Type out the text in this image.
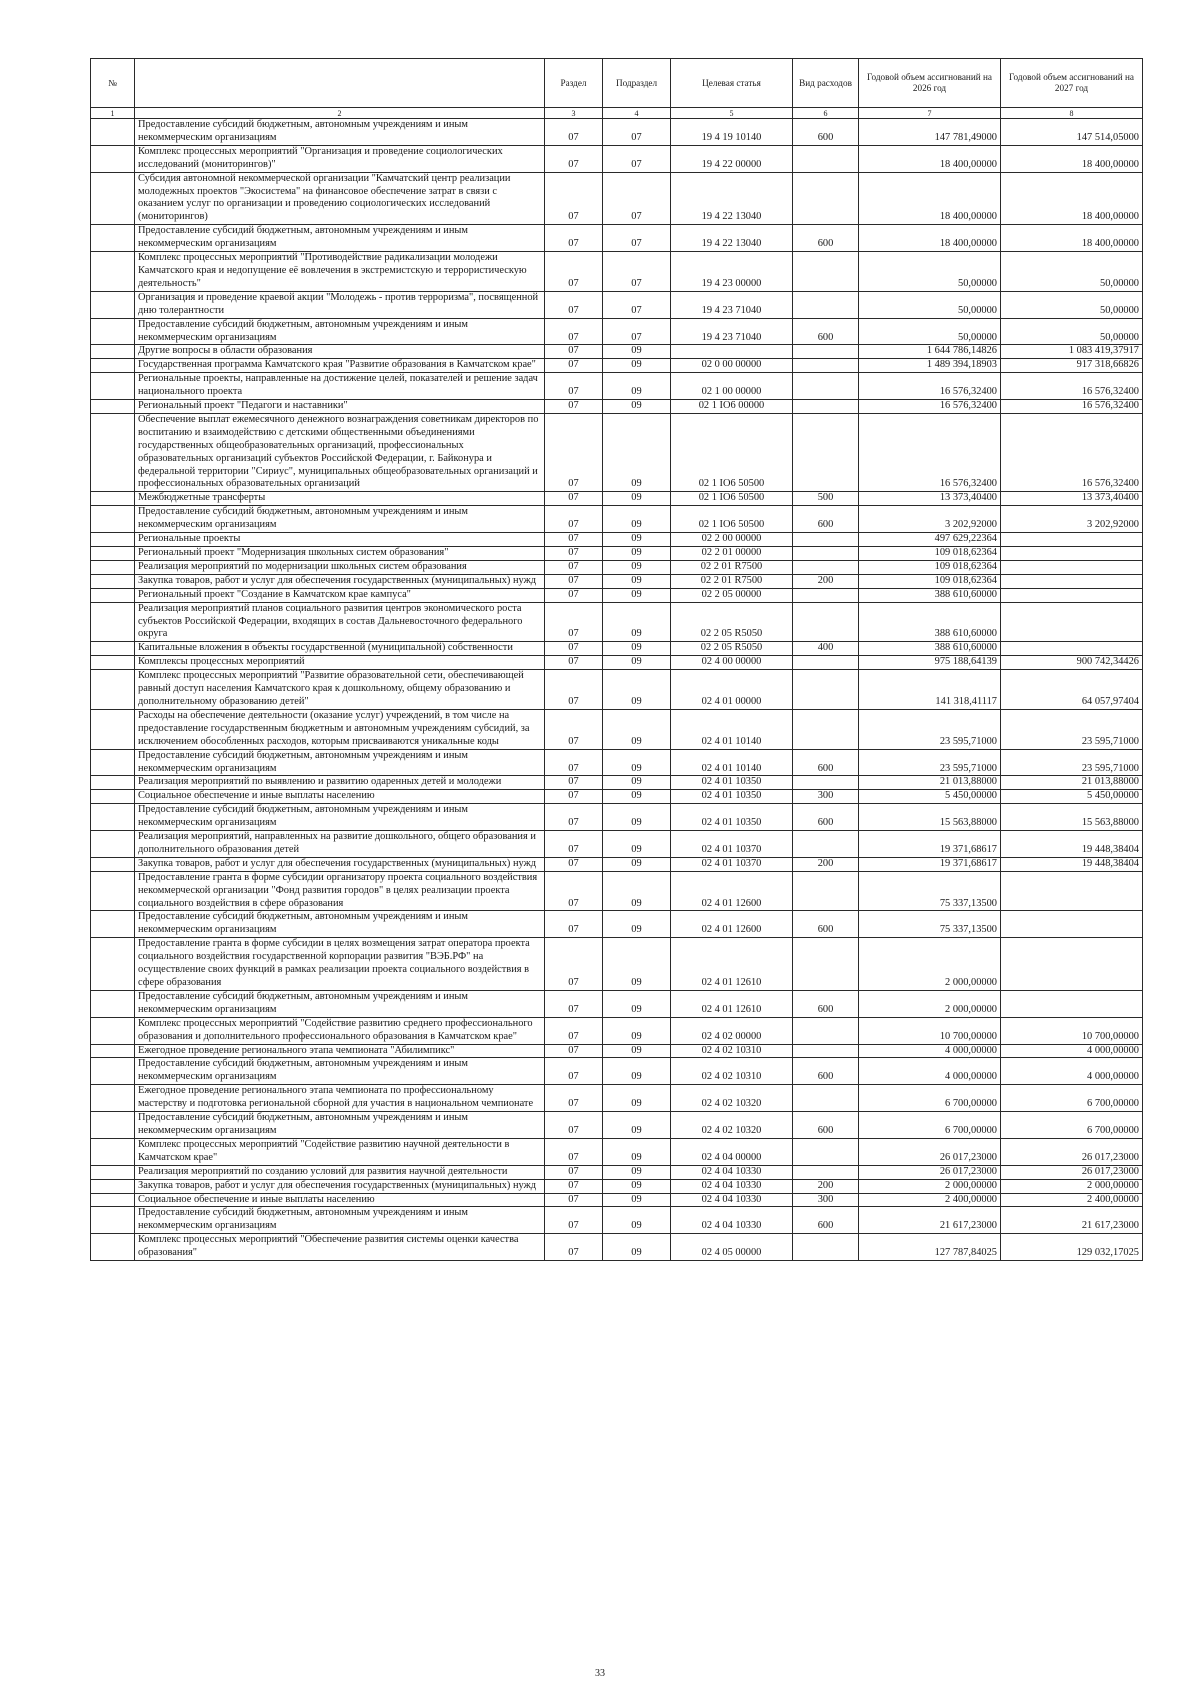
№		Раздел	Подраздел	Целевая статья	Вид расходов	Годовой объем ассигнований на 2026 год	Годовой объем ассигнований на 2027 год
1	2	3	4	5	6	7	8
	Предоставление субсидий бюджетным, автономным учреждениям и иным некоммерческим организациям	07	07	19 4 19 10140	600	147 781,49000	147 514,05000
	Комплекс процессных мероприятий "Организация и проведение социологических исследований (мониторингов)"	07	07	19 4 22 00000		18 400,00000	18 400,00000
	Субсидия автономной некоммерческой организации "Камчатский центр реализации молодежных проектов "Экосистема" на финансовое обеспечение затрат в связи с оказанием услуг по организации и проведению социологических исследований (мониторингов)	07	07	19 4 22 13040		18 400,00000	18 400,00000
	Предоставление субсидий бюджетным, автономным учреждениям и иным некоммерческим организациям	07	07	19 4 22 13040	600	18 400,00000	18 400,00000
	Комплекс процессных мероприятий "Противодействие радикализации молодежи Камчатского края и недопущение её вовлечения в экстремистскую и террористическую деятельность"	07	07	19 4 23 00000		50,00000	50,00000
	Организация и проведение краевой акции "Молодежь - против терроризма", посвященной дню толерантности	07	07	19 4 23 71040		50,00000	50,00000
	Предоставление субсидий бюджетным, автономным учреждениям и иным некоммерческим организациям	07	07	19 4 23 71040	600	50,00000	50,00000
	Другие вопросы в области образования	07	09			1 644 786,14826	1 083 419,37917
	Государственная программа Камчатского края "Развитие образования в Камчатском крае"	07	09	02 0 00 00000		1 489 394,18903	917 318,66826
	Региональные проекты, направленные на достижение целей, показателей и решение задач национального проекта	07	09	02 1 00 00000		16 576,32400	16 576,32400
	Региональный проект "Педагоги и наставники"	07	09	02 1 IO6 00000		16 576,32400	16 576,32400
	Обеспечение выплат ежемесячного денежного вознаграждения советникам директоров по воспитанию и взаимодействию с детскими общественными объединениями государственных общеобразовательных организаций, профессиональных образовательных организаций субъектов Российской Федерации, г. Байконура и федеральной территории "Сириус", муниципальных общеобразовательных организаций и профессиональных образовательных организаций	07	09	02 1 IO6 50500		16 576,32400	16 576,32400
	Межбюджетные трансферты	07	09	02 1 IO6 50500	500	13 373,40400	13 373,40400
	Предоставление субсидий бюджетным, автономным учреждениям и иным некоммерческим организациям	07	09	02 1 IO6 50500	600	3 202,92000	3 202,92000
	Региональные проекты	07	09	02 2 00 00000		497 629,22364	
	Региональный проект "Модернизация школьных систем образования"	07	09	02 2 01 00000		109 018,62364	
	Реализация мероприятий по модернизации школьных систем образования	07	09	02 2 01 R7500		109 018,62364	
	Закупка товаров, работ и услуг для обеспечения государственных (муниципальных) нужд	07	09	02 2 01 R7500	200	109 018,62364	
	Региональный проект "Создание в Камчатском крае кампуса"	07	09	02 2 05 00000		388 610,60000	
	Реализация мероприятий планов социального развития центров экономического роста субъектов Российской Федерации, входящих в состав Дальневосточного федерального округа	07	09	02 2 05 R5050		388 610,60000	
	Капитальные вложения в объекты государственной (муниципальной) собственности	07	09	02 2 05 R5050	400	388 610,60000	
	Комплексы процессных мероприятий	07	09	02 4 00 00000		975 188,64139	900 742,34426
	Комплекс процессных мероприятий "Развитие образовательной сети, обеспечивающей равный доступ населения Камчатского края к дошкольному, общему образованию и дополнительному образованию детей"	07	09	02 4 01 00000		141 318,41117	64 057,97404
	Расходы на обеспечение деятельности (оказание услуг) учреждений, в том числе на предоставление государственным бюджетным и автономным учреждениям субсидий, за исключением обособленных расходов, которым присваиваются уникальные коды	07	09	02 4 01 10140		23 595,71000	23 595,71000
	Предоставление субсидий бюджетным, автономным учреждениям и иным некоммерческим организациям	07	09	02 4 01 10140	600	23 595,71000	23 595,71000
	Реализация мероприятий по выявлению и развитию одаренных детей и молодежи	07	09	02 4 01 10350		21 013,88000	21 013,88000
	Социальное обеспечение и иные выплаты населению	07	09	02 4 01 10350	300	5 450,00000	5 450,00000
	Предоставление субсидий бюджетным, автономным учреждениям и иным некоммерческим организациям	07	09	02 4 01 10350	600	15 563,88000	15 563,88000
	Реализация мероприятий, направленных на развитие дошкольного, общего образования и дополнительного образования детей	07	09	02 4 01 10370		19 371,68617	19 448,38404
	Закупка товаров, работ и услуг для обеспечения государственных (муниципальных) нужд	07	09	02 4 01 10370	200	19 371,68617	19 448,38404
	Предоставление гранта в форме субсидии организатору проекта социального воздействия некоммерческой организации "Фонд развития городов" в целях реализации проекта социального воздействия в сфере образования	07	09	02 4 01 12600		75 337,13500	
	Предоставление субсидий бюджетным, автономным учреждениям и иным некоммерческим организациям	07	09	02 4 01 12600	600	75 337,13500	
	Предоставление гранта в форме субсидии в целях возмещения затрат оператора проекта социального воздействия государственной корпорации развития "ВЭБ.РФ" на осуществление своих функций в рамках реализации проекта социального воздействия в сфере образования	07	09	02 4 01 12610		2 000,00000	
	Предоставление субсидий бюджетным, автономным учреждениям и иным некоммерческим организациям	07	09	02 4 01 12610	600	2 000,00000	
	Комплекс процессных мероприятий "Содействие развитию среднего профессионального образования и дополнительного профессионального образования в Камчатском крае"	07	09	02 4 02 00000		10 700,00000	10 700,00000
	Ежегодное проведение регионального этапа чемпионата "Абилимпикс"	07	09	02 4 02 10310		4 000,00000	4 000,00000
	Предоставление субсидий бюджетным, автономным учреждениям и иным некоммерческим организациям	07	09	02 4 02 10310	600	4 000,00000	4 000,00000
	Ежегодное проведение регионального этапа чемпионата по профессиональному мастерству и подготовка региональной сборной для участия в национальном чемпионате	07	09	02 4 02 10320		6 700,00000	6 700,00000
	Предоставление субсидий бюджетным, автономным учреждениям и иным некоммерческим организациям	07	09	02 4 02 10320	600	6 700,00000	6 700,00000
	Комплекс процессных мероприятий "Содействие развитию научной деятельности в Камчатском крае"	07	09	02 4 04 00000		26 017,23000	26 017,23000
	Реализация мероприятий по созданию условий для развития научной деятельности	07	09	02 4 04 10330		26 017,23000	26 017,23000
	Закупка товаров, работ и услуг для обеспечения государственных (муниципальных) нужд	07	09	02 4 04 10330	200	2 000,00000	2 000,00000
	Социальное обеспечение и иные выплаты населению	07	09	02 4 04 10330	300	2 400,00000	2 400,00000
	Предоставление субсидий бюджетным, автономным учреждениям и иным некоммерческим организациям	07	09	02 4 04 10330	600	21 617,23000	21 617,23000
	Комплекс процессных мероприятий "Обеспечение развития системы оценки качества образования"	07	09	02 4 05 00000		127 787,84025	129 032,17025
33
